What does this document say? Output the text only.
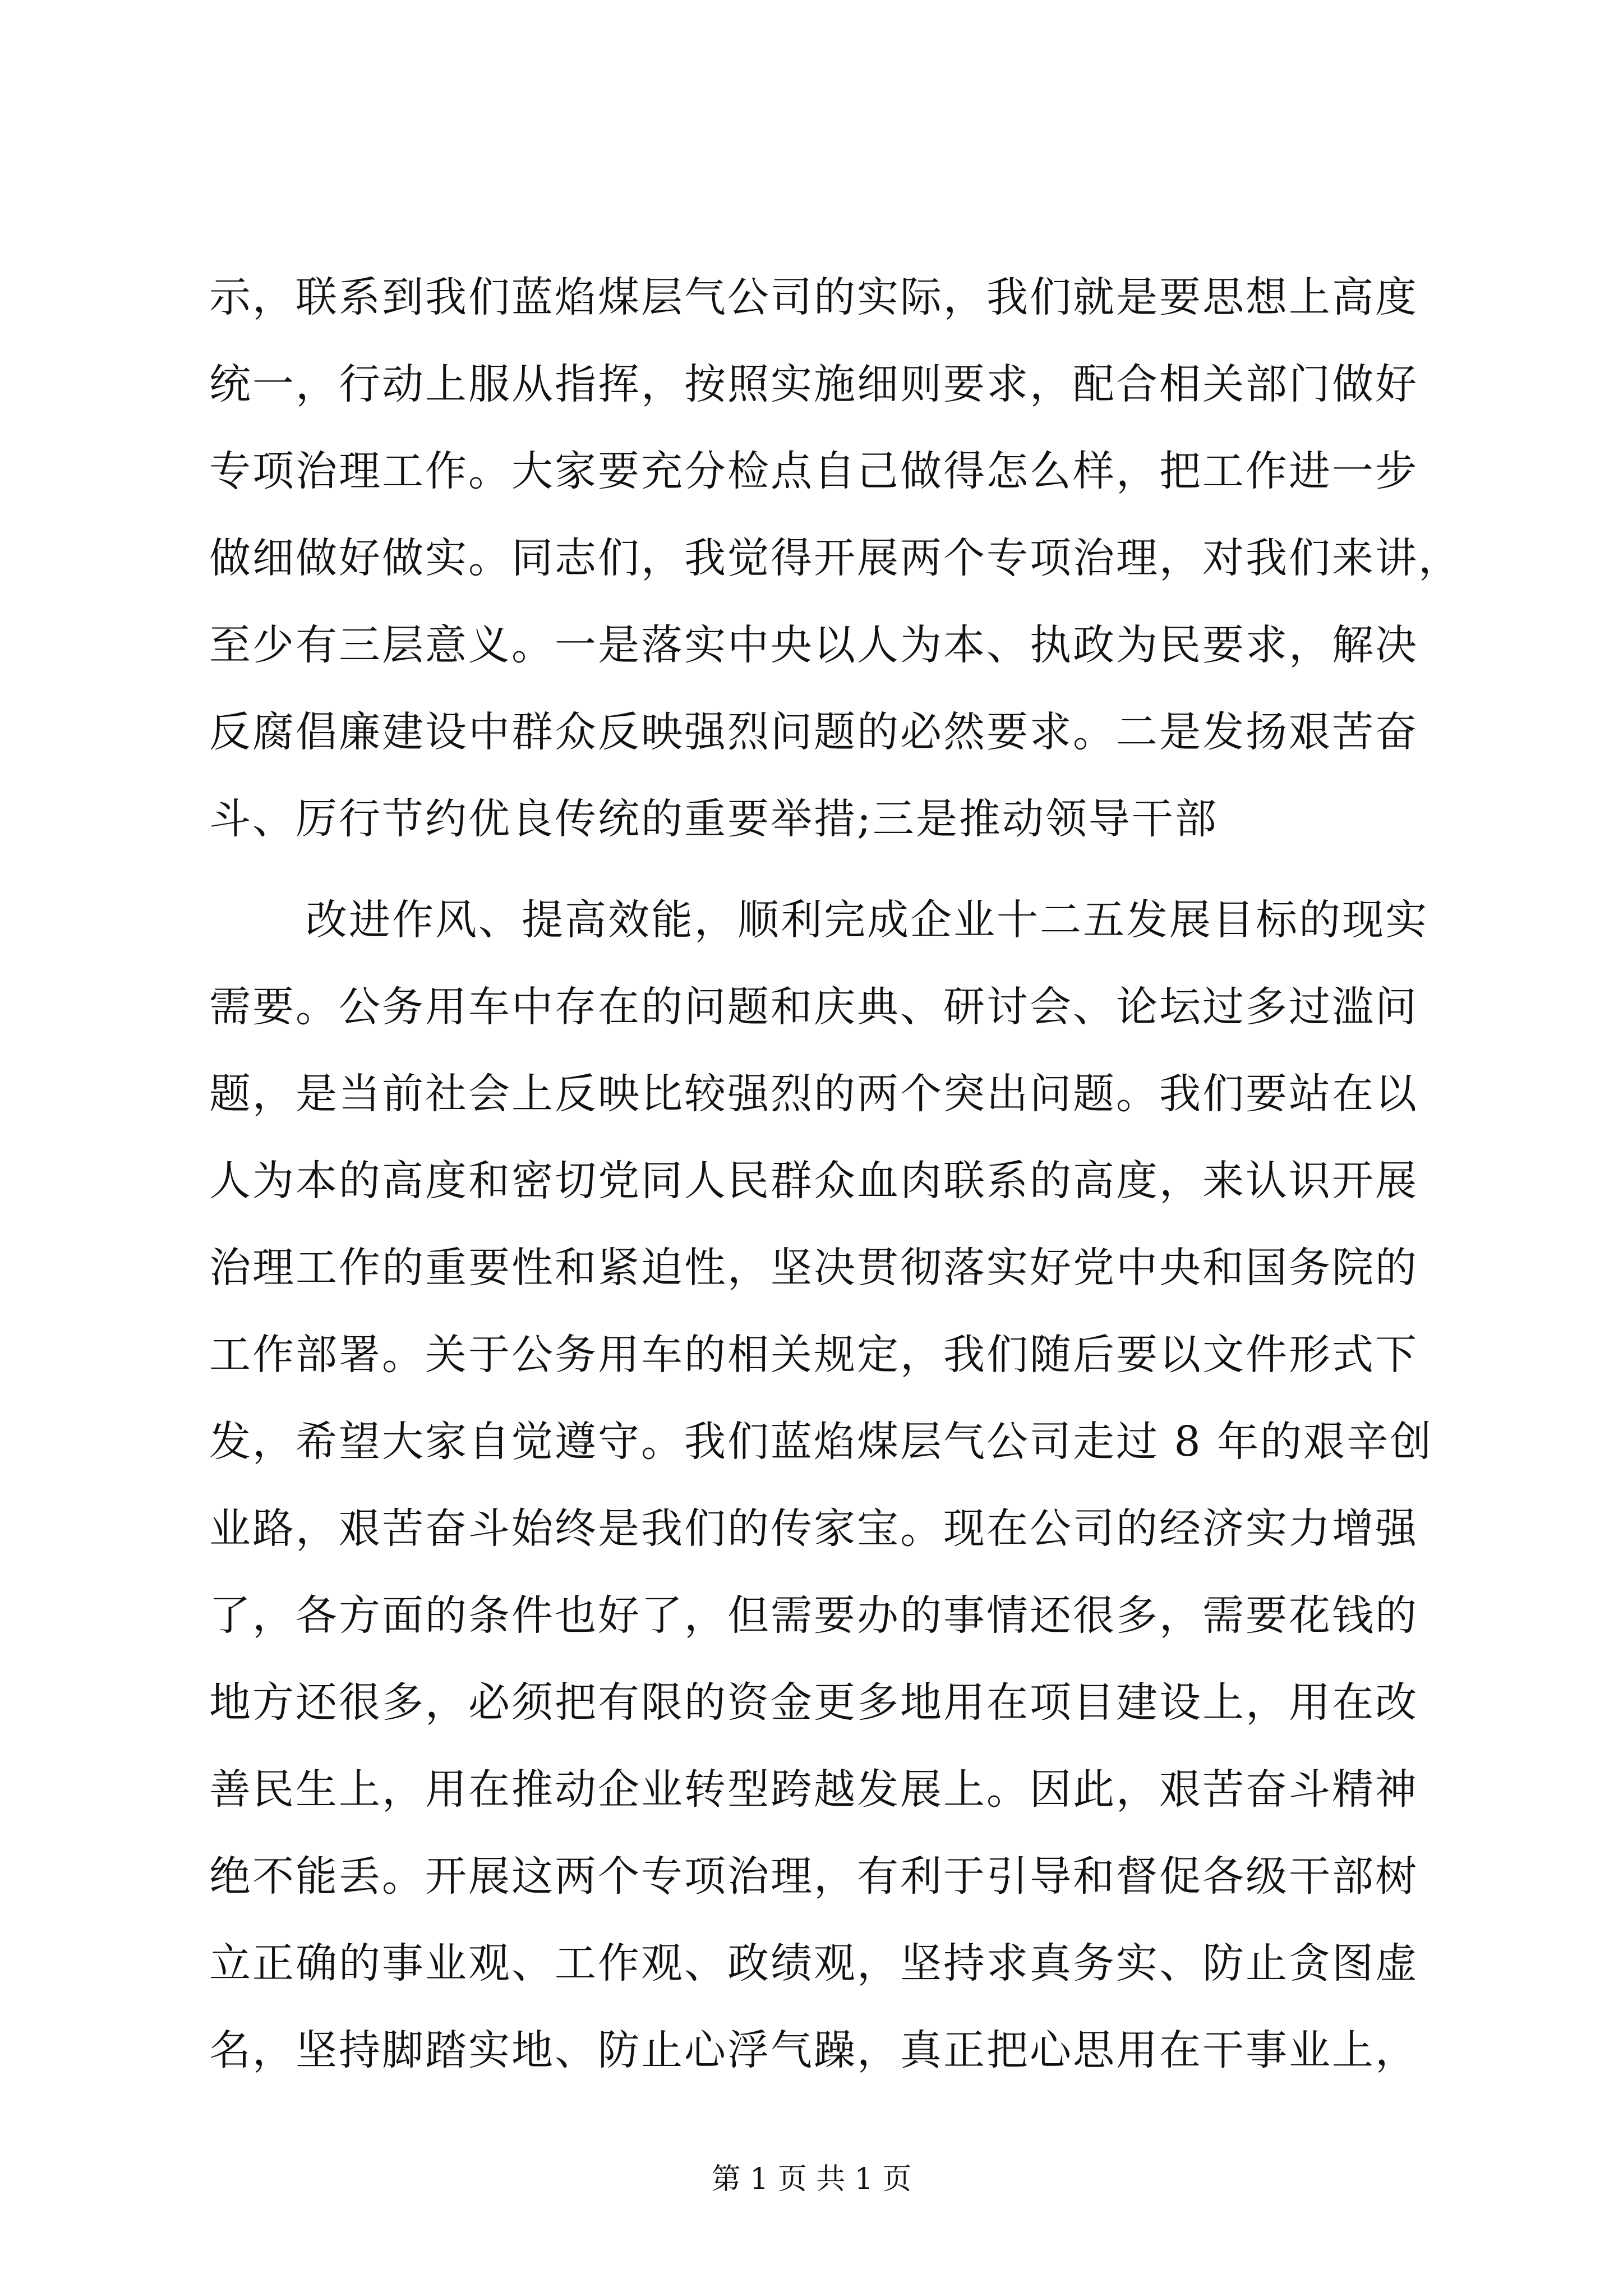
示，联系到我们蓝焰煤层气公司的实际，我们就是要思想上高度
统一，行动上服从指挥，按照实施细则要求，配合相关部门做好
专项治理工作。大家要充分检点自己做得怎么样，把工作进一步
做细做好做实。同志们，我觉得开展两个专项治理，对我们来讲，
至少有三层意义。一是落实中央以人为本、执政为民要求，解决
反腐倡廉建设中群众反映强烈问题的必然要求。二是发扬艰苦奋
斗、厉行节约优良传统的重要举措;三是推动领导干部
改进作风、提高效能，顺利完成企业十二五发展目标的现实
需要。公务用车中存在的问题和庆典、研讨会、论坛过多过滥问
题，是当前社会上反映比较强烈的两个突出问题。我们要站在以
人为本的高度和密切党同人民群众血肉联系的高度，来认识开展
治理工作的重要性和紧迫性，坚决贯彻落实好党中央和国务院的
工作部署。关于公务用车的相关规定，我们随后要以文件形式下
发，希望大家自觉遵守。我们蓝焰煤层气公司走过 8 年的艰辛创
业路，艰苦奋斗始终是我们的传家宝。现在公司的经济实力增强
了，各方面的条件也好了，但需要办的事情还很多，需要花钱的
地方还很多，必须把有限的资金更多地用在项目建设上，用在改
善民生上，用在推动企业转型跨越发展上。因此，艰苦奋斗精神
绝不能丢。开展这两个专项治理，有利于引导和督促各级干部树
立正确的事业观、工作观、政绩观，坚持求真务实、防止贪图虚
名，坚持脚踏实地、防止心浮气躁，真正把心思用在干事业上，
第 1 页 共 1 页
